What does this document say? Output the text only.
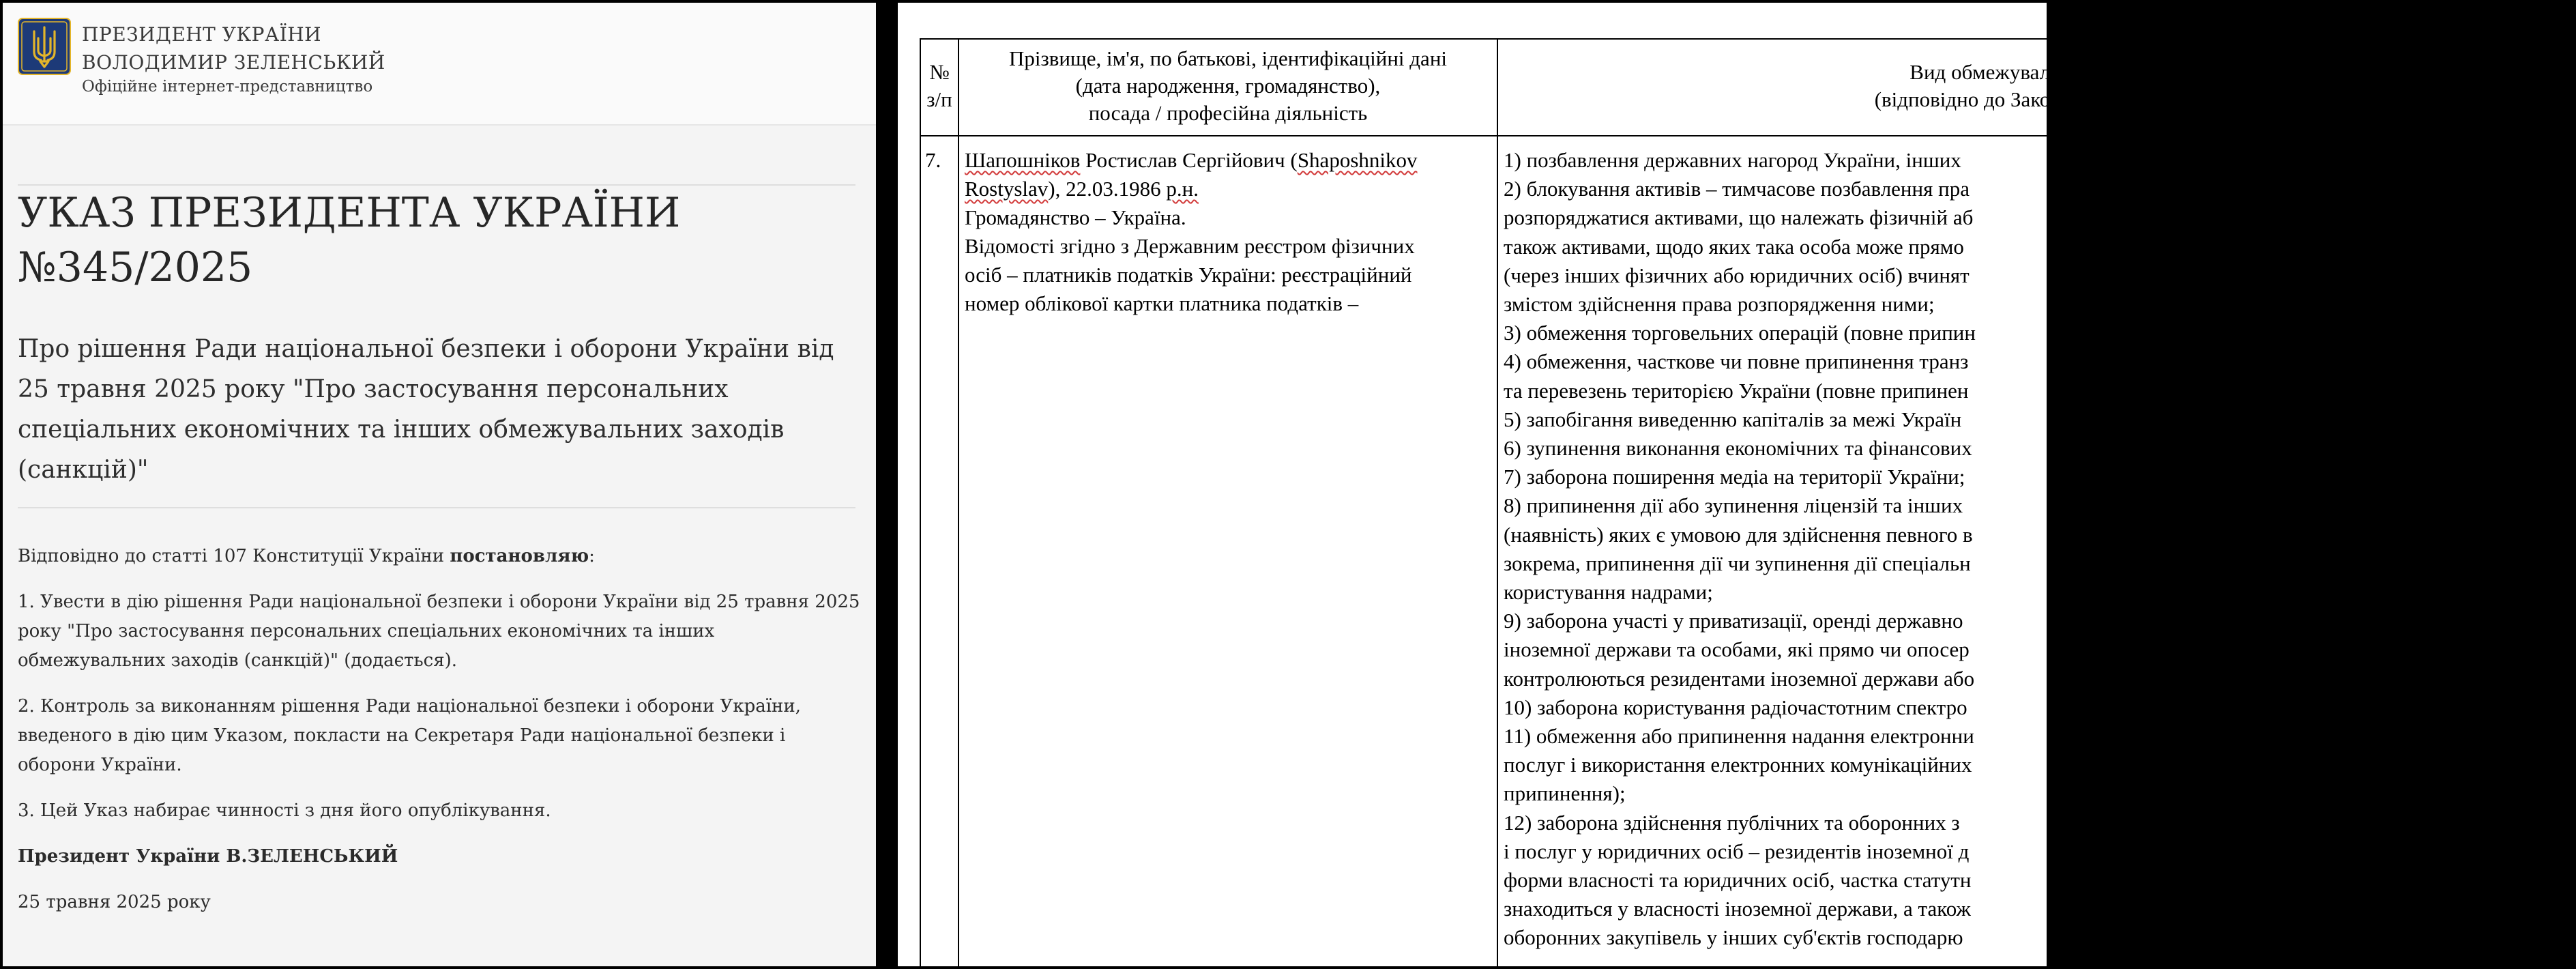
ПРЕЗИДЕНТ УКРАЇНИ
ВОЛОДИМИР ЗЕЛЕНСЬКИЙ
Офіційне інтернет-представництво
УКАЗ ПРЕЗИДЕНТА УКРАЇНИ
№345/2025
Про рішення Ради національної безпеки і оборони України від 25 травня 2025 року "Про застосування персональних спеціальних економічних та інших обмежувальних заходів (санкцій)"

Відповідно до статті 107 Конституції України постановляю:

1. Увести в дію рішення Ради національної безпеки і оборони України від 25 травня 2025 року "Про застосування персональних спеціальних економічних та інших обмежувальних заходів (санкцій)" (додається).

2. Контроль за виконанням рішення Ради національної безпеки і оборони України, введеного в дію цим Указом, покласти на Секретаря Ради національної безпеки і оборони України.

3. Цей Указ набирає чинності з дня його опублікування.

Президент України В.ЗЕЛЕНСЬКИЙ

25 травня 2025 року

№
з/п
Прізвище, ім'я, по батькові, ідентифікаційні дані
(дата народження, громадянство),
посада / професійна діяльність
Вид обмежувального заходу
(відповідно до Закону України "Про
7. Шапошніков Ростислав Сергійович (Shaposhnikov
Rostyslav), 22.03.1986 р.н.
Громадянство – Україна.
Відомості згідно з Державним реєстром фізичних
осіб – платників податків України: реєстраційний
номер облікової картки платника податків –
1) позбавлення державних нагород України, інших
2) блокування активів – тимчасове позбавлення пра
розпоряджатися активами, що належать фізичній аб
також активами, щодо яких така особа може прямо
(через інших фізичних або юридичних осіб) вчинят
змістом здійснення права розпорядження ними;
3) обмеження торговельних операцій (повне припин
4) обмеження, часткове чи повне припинення транз
та перевезень територією України (повне припинен
5) запобігання виведенню капіталів за межі Україн
6) зупинення виконання економічних та фінансових
7) заборона поширення медіа на території України;
8) припинення дії або зупинення ліцензій та інших
(наявність) яких є умовою для здійснення певного в
зокрема, припинення дії чи зупинення дії спеціальн
користування надрами;
9) заборона участі у приватизації, оренді державно
іноземної держави та особами, які прямо чи опосер
контролюються резидентами іноземної держави або
10) заборона користування радіочастотним спектро
11) обмеження або припинення надання електронни
послуг і використання електронних комунікаційних
припинення);
12) заборона здійснення публічних та оборонних з
і послуг у юридичних осіб – резидентів іноземної д
форми власності та юридичних осіб, частка статутн
знаходиться у власності іноземної держави, а також
оборонних закупівель у інших суб'єктів господарю
